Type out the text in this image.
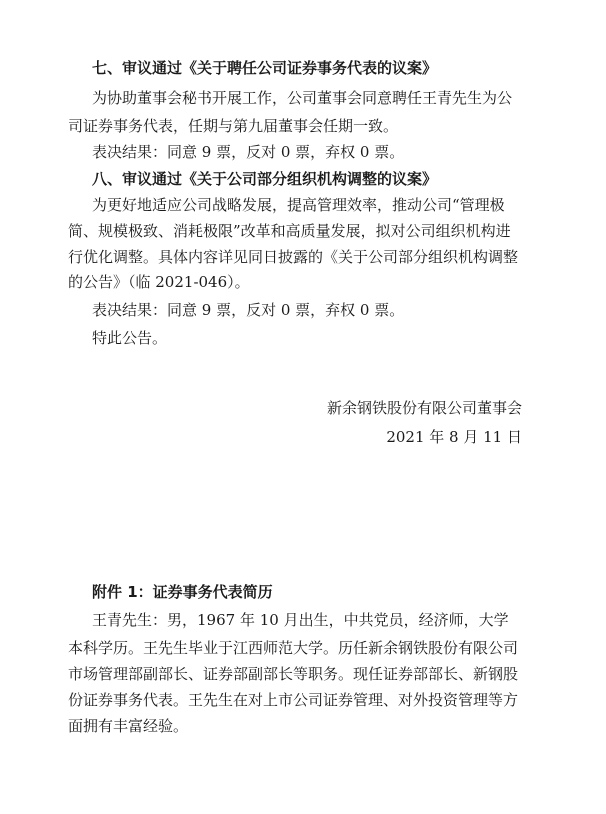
七、审议通过《关于聘任公司证券事务代表的议案》
为协助董事会秘书开展工作，公司董事会同意聘任王青先生为公
司证券事务代表，任期与第九届董事会任期一致。
表决结果：同意 9 票，反对 0 票，弃权 0 票。
八、审议通过《关于公司部分组织机构调整的议案》
为更好地适应公司战略发展，提高管理效率，推动公司“管理极
简、规模极致、消耗极限”改革和高质量发展，拟对公司组织机构进
行优化调整。具体内容详见同日披露的《关于公司部分组织机构调整
的公告》（临 2021-046）。
表决结果：同意 9 票，反对 0 票，弃权 0 票。
特此公告。
新余钢铁股份有限公司董事会
2021 年 8 月 11 日
附件 1：证券事务代表简历
王青先生：男，1967 年 10 月出生，中共党员，经济师，大学
本科学历。王先生毕业于江西师范大学。历任新余钢铁股份有限公司
市场管理部副部长、证券部副部长等职务。现任证券部部长、新钢股
份证券事务代表。王先生在对上市公司证券管理、对外投资管理等方
面拥有丰富经验。
